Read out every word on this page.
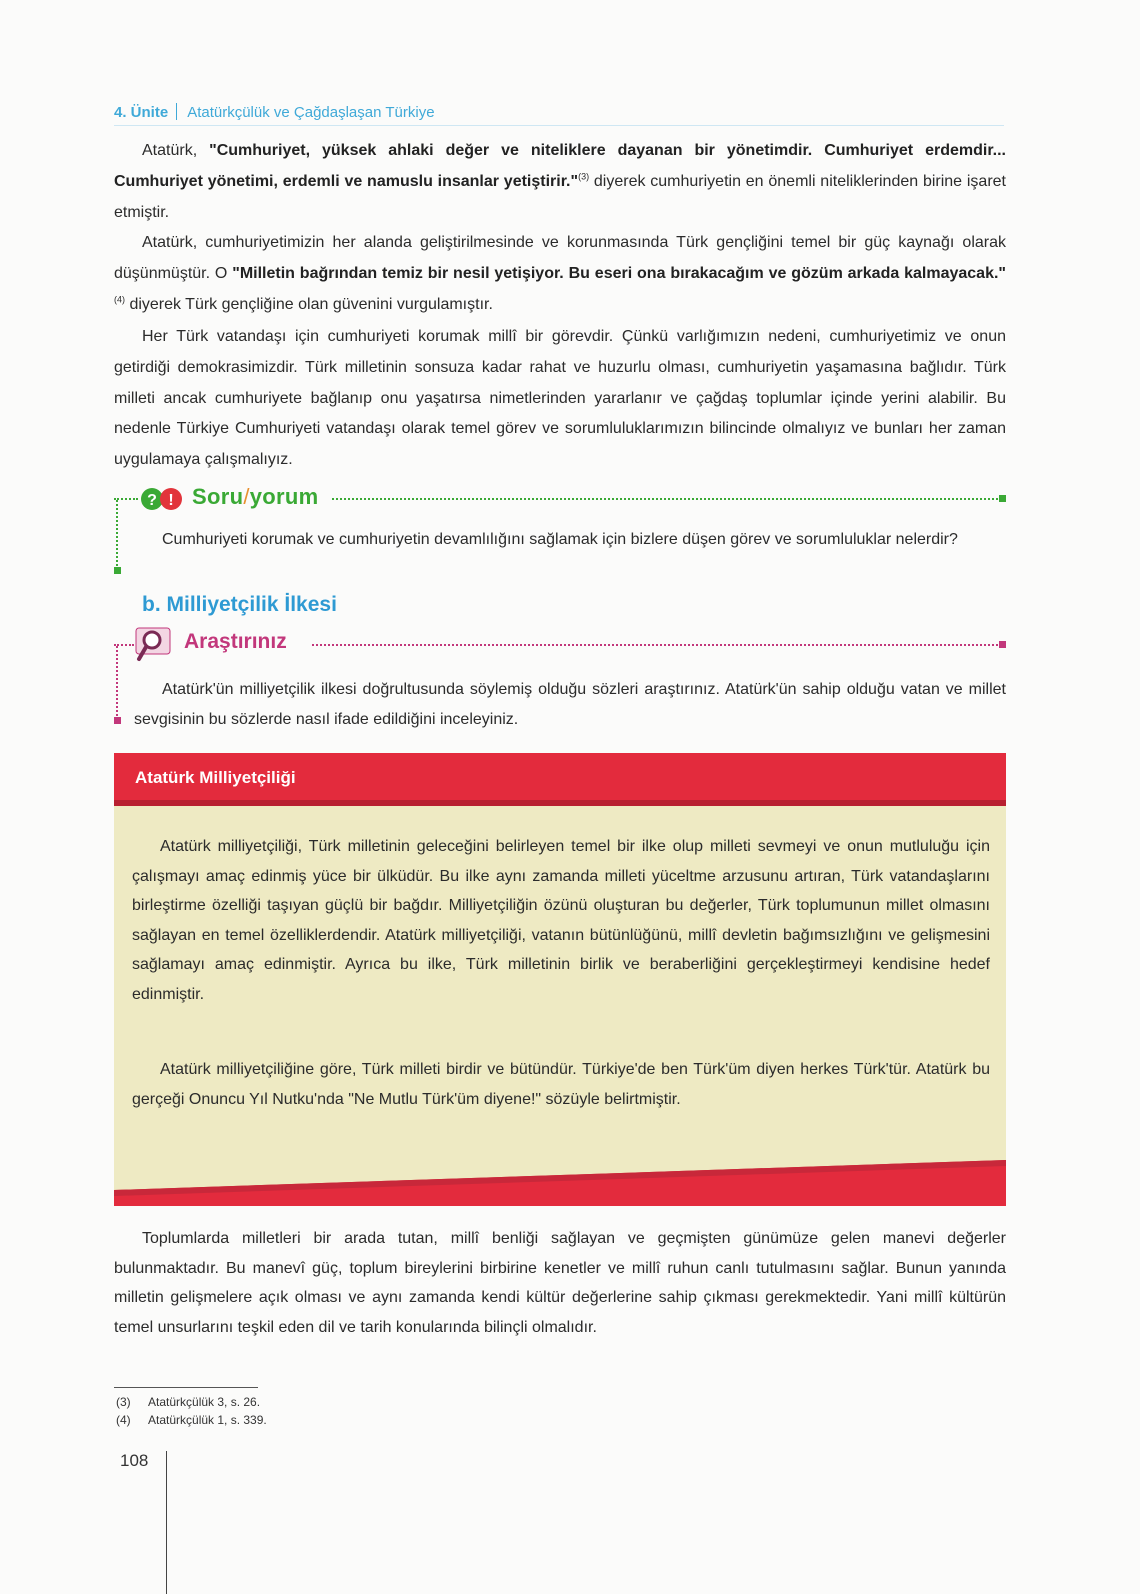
4. Ünite Atatürkçülük ve Çağdaşlaşan Türkiye

Atatürk, "Cumhuriyet, yüksek ahlaki değer ve niteliklere dayanan bir yönetimdir. Cumhuriyet erdemdir... Cumhuriyet yönetimi, erdemli ve namuslu insanlar yetiştirir."$^{(3)}$ diyerek cumhuriyetin en önemli niteliklerinden birine işaret etmiştir.

Atatürk, cumhuriyetimizin her alanda geliştirilmesinde ve korunmasında Türk gençliğini temel bir güç kaynağı olarak düşünmüştür. O "Milletin bağrından temiz bir nesil yetişiyor. Bu eseri ona bırakacağım ve gözüm arkada kalmayacak."$^{(4)}$ diyerek Türk gençliğine olan güvenini vurgulamıştır.

Her Türk vatandaşı için cumhuriyeti korumak millî bir görevdir. Çünkü varlığımızın nedeni, cumhuriyetimiz ve onun getirdiği demokrasimizdir. Türk milletinin sonsuza kadar rahat ve huzurlu olması, cumhuriyetin yaşamasına bağlıdır. Türk milleti ancak cumhuriyete bağlanıp onu yaşatırsa nimetlerinden yararlanır ve çağdaş toplumlar içinde yerini alabilir. Bu nedenle Türkiye Cumhuriyeti vatandaşı olarak temel görev ve sorumluluklarımızın bilincinde olmalıyız ve bunları her zaman uygulamaya çalışmalıyız.

? ! Soru/yorum

Cumhuriyeti korumak ve cumhuriyetin devamlılığını sağlamak için bizlere düşen görev ve sorumluluklar nelerdir?

b. Milliyetçilik İlkesi
Araştırınız

Atatürk'ün milliyetçilik ilkesi doğrultusunda söylemiş olduğu sözleri araştırınız. Atatürk'ün sahip olduğu vatan ve millet sevgisinin bu sözlerde nasıl ifade edildiğini inceleyiniz.

Atatürk Milliyetçiliği

Atatürk milliyetçiliği, Türk milletinin geleceğini belirleyen temel bir ilke olup milleti sevmeyi ve onun mutluluğu için çalışmayı amaç edinmiş yüce bir ülküdür. Bu ilke aynı zamanda milleti yüceltme arzusunu artıran, Türk vatandaşlarını birleştirme özelliği taşıyan güçlü bir bağdır. Milliyetçiliğin özünü oluşturan bu değerler, Türk toplumunun millet olmasını sağlayan en temel özelliklerdendir. Atatürk milliyetçiliği, vatanın bütünlüğünü, millî devletin bağımsızlığını ve gelişmesini sağlamayı amaç edinmiştir. Ayrıca bu ilke, Türk milletinin birlik ve beraberliğini gerçekleştirmeyi kendisine hedef edinmiştir.

Atatürk milliyetçiliğine göre, Türk milleti birdir ve bütündür. Türkiye'de ben Türk'üm diyen herkes Türk'tür. Atatürk bu gerçeği Onuncu Yıl Nutku'nda "Ne Mutlu Türk'üm diyene!" sözüyle belirtmiştir.

Toplumlarda milletleri bir arada tutan, millî benliği sağlayan ve geçmişten günümüze gelen manevi değerler bulunmaktadır. Bu manevî güç, toplum bireylerini birbirine kenetler ve millî ruhun canlı tutulmasını sağlar. Bunun yanında milletin gelişmelere açık olması ve aynı zamanda kendi kültür değerlerine sahip çıkması gerekmektedir. Yani millî kültürün temel unsurlarını teşkil eden dil ve tarih konularında bilinçli olmalıdır.

(3) Atatürkçülük 3, s. 26.
(4) Atatürkçülük 1, s. 339.
108
